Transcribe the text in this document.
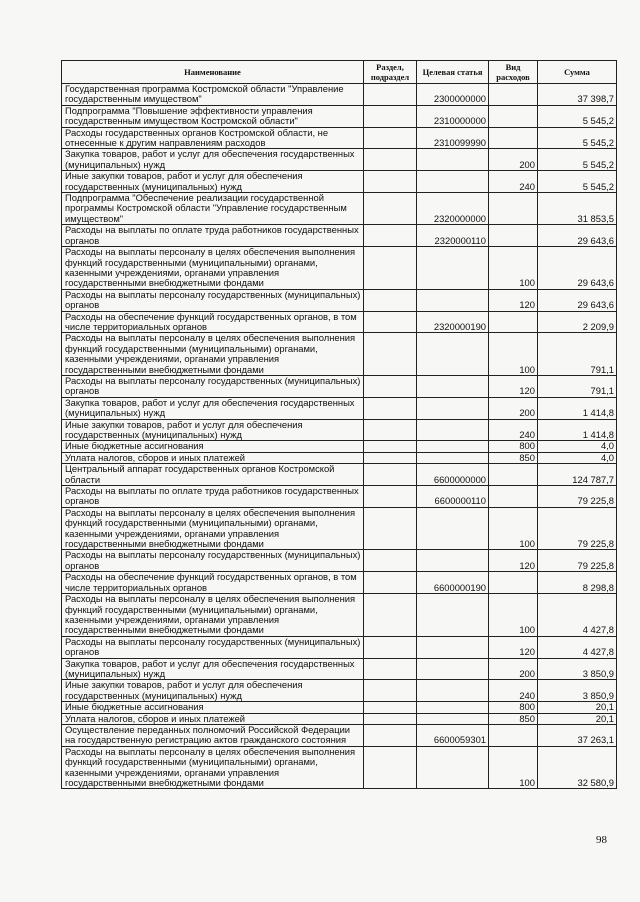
Наименование	Раздел, подраздел	Целевая статья	Вид расходов	Сумма
Государственная программа Костромской области "Управление государственным имуществом"		2300000000		37 398,7
Подпрограмма "Повышение эффективности управления государственным имуществом Костромской области"		2310000000		5 545,2
Расходы государственных органов Костромской области, не отнесенные к другим направлениям расходов		2310099990		5 545,2
Закупка товаров, работ и услуг для обеспечения государственных (муниципальных) нужд			200	5 545,2
Иные закупки товаров, работ и услуг для обеспечения государственных (муниципальных) нужд			240	5 545,2
Подпрограмма "Обеспечение реализации государственной программы Костромской области "Управление государственным имуществом"		2320000000		31 853,5
Расходы на выплаты по оплате труда работников государственных органов		2320000110		29 643,6
Расходы на выплаты персоналу в целях обеспечения выполнения функций государственными (муниципальными) органами, казенными учреждениями, органами управления государственными внебюджетными фондами			100	29 643,6
Расходы на выплаты персоналу государственных (муниципальных) органов			120	29 643,6
Расходы на обеспечение функций государственных органов, в том числе территориальных органов		2320000190		2 209,9
Расходы на выплаты персоналу в целях обеспечения выполнения функций государственными (муниципальными) органами, казенными учреждениями, органами управления государственными внебюджетными фондами			100	791,1
Расходы на выплаты персоналу государственных (муниципальных) органов			120	791,1
Закупка товаров, работ и услуг для обеспечения государственных (муниципальных) нужд			200	1 414,8
Иные закупки товаров, работ и услуг для обеспечения государственных (муниципальных) нужд			240	1 414,8
Иные бюджетные ассигнования			800	4,0
Уплата налогов, сборов и иных платежей			850	4,0
Центральный аппарат государственных органов Костромской области		6600000000		124 787,7
Расходы на выплаты по оплате труда работников государственных органов		6600000110		79 225,8
Расходы на выплаты персоналу в целях обеспечения выполнения функций государственными (муниципальными) органами, казенными учреждениями, органами управления государственными внебюджетными фондами			100	79 225,8
Расходы на выплаты персоналу государственных (муниципальных) органов			120	79 225,8
Расходы на обеспечение функций государственных органов, в том числе территориальных органов		6600000190		8 298,8
Расходы на выплаты персоналу в целях обеспечения выполнения функций государственными (муниципальными) органами, казенными учреждениями, органами управления государственными внебюджетными фондами			100	4 427,8
Расходы на выплаты персоналу государственных (муниципальных) органов			120	4 427,8
Закупка товаров, работ и услуг для обеспечения государственных (муниципальных) нужд			200	3 850,9
Иные закупки товаров, работ и услуг для обеспечения государственных (муниципальных) нужд			240	3 850,9
Иные бюджетные ассигнования			800	20,1
Уплата налогов, сборов и иных платежей			850	20,1
Осуществление переданных полномочий Российской Федерации на государственную регистрацию актов гражданского состояния		6600059301		37 263,1
Расходы на выплаты персоналу в целях обеспечения выполнения функций государственными (муниципальными) органами, казенными учреждениями, органами управления государственными внебюджетными фондами			100	32 580,9
98
